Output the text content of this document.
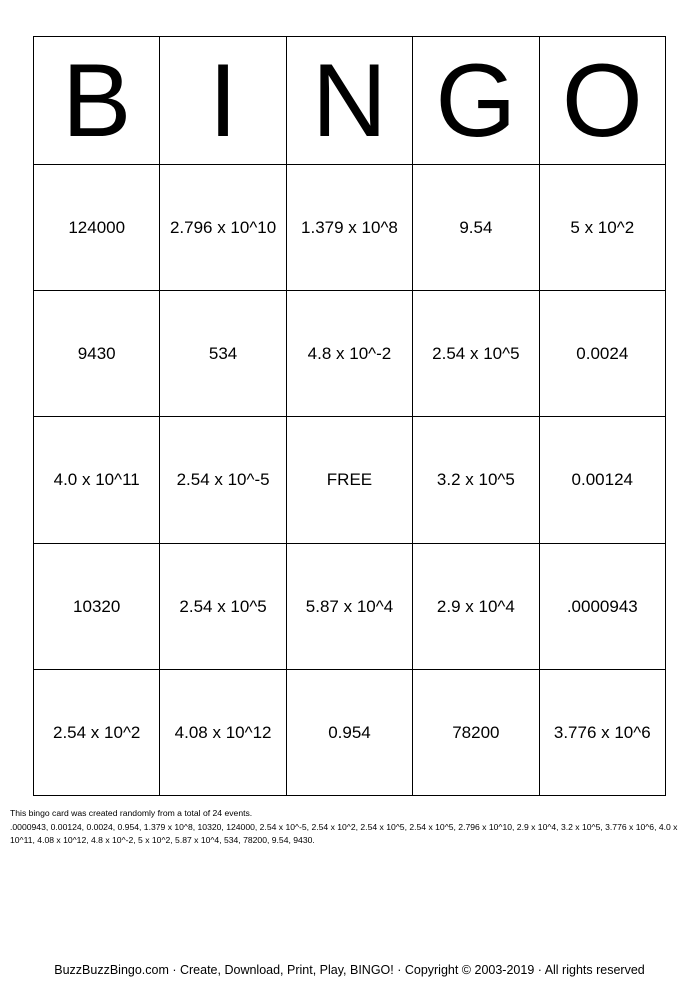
B	I	N	G	O
124000	2.796 x 10^10	1.379 x 10^8	9.54	5 x 10^2
9430	534	4.8 x 10^-2	2.54 x 10^5	0.0024
4.0 x 10^11	2.54 x 10^-5	FREE	3.2 x 10^5	0.00124
10320	2.54 x 10^5	5.87 x 10^4	2.9 x 10^4	.0000943
2.54 x 10^2	4.08 x 10^12	0.954	78200	3.776 x 10^6
This bingo card was created randomly from a total of 24 events.
.0000943, 0.00124, 0.0024, 0.954, 1.379 x 10^8, 10320, 124000, 2.54 x 10^-5, 2.54 x 10^2, 2.54 x 10^5, 2.54 x 10^5, 2.796 x 10^10, 2.9 x 10^4, 3.2 x 10^5, 3.776 x 10^6, 4.0 x 10^11, 4.08 x 10^12, 4.8 x 10^-2, 5 x 10^2, 5.87 x 10^4, 534, 78200, 9.54, 9430.
BuzzBuzzBingo.com · Create, Download, Print, Play, BINGO! · Copyright © 2003-2019 · All rights reserved
